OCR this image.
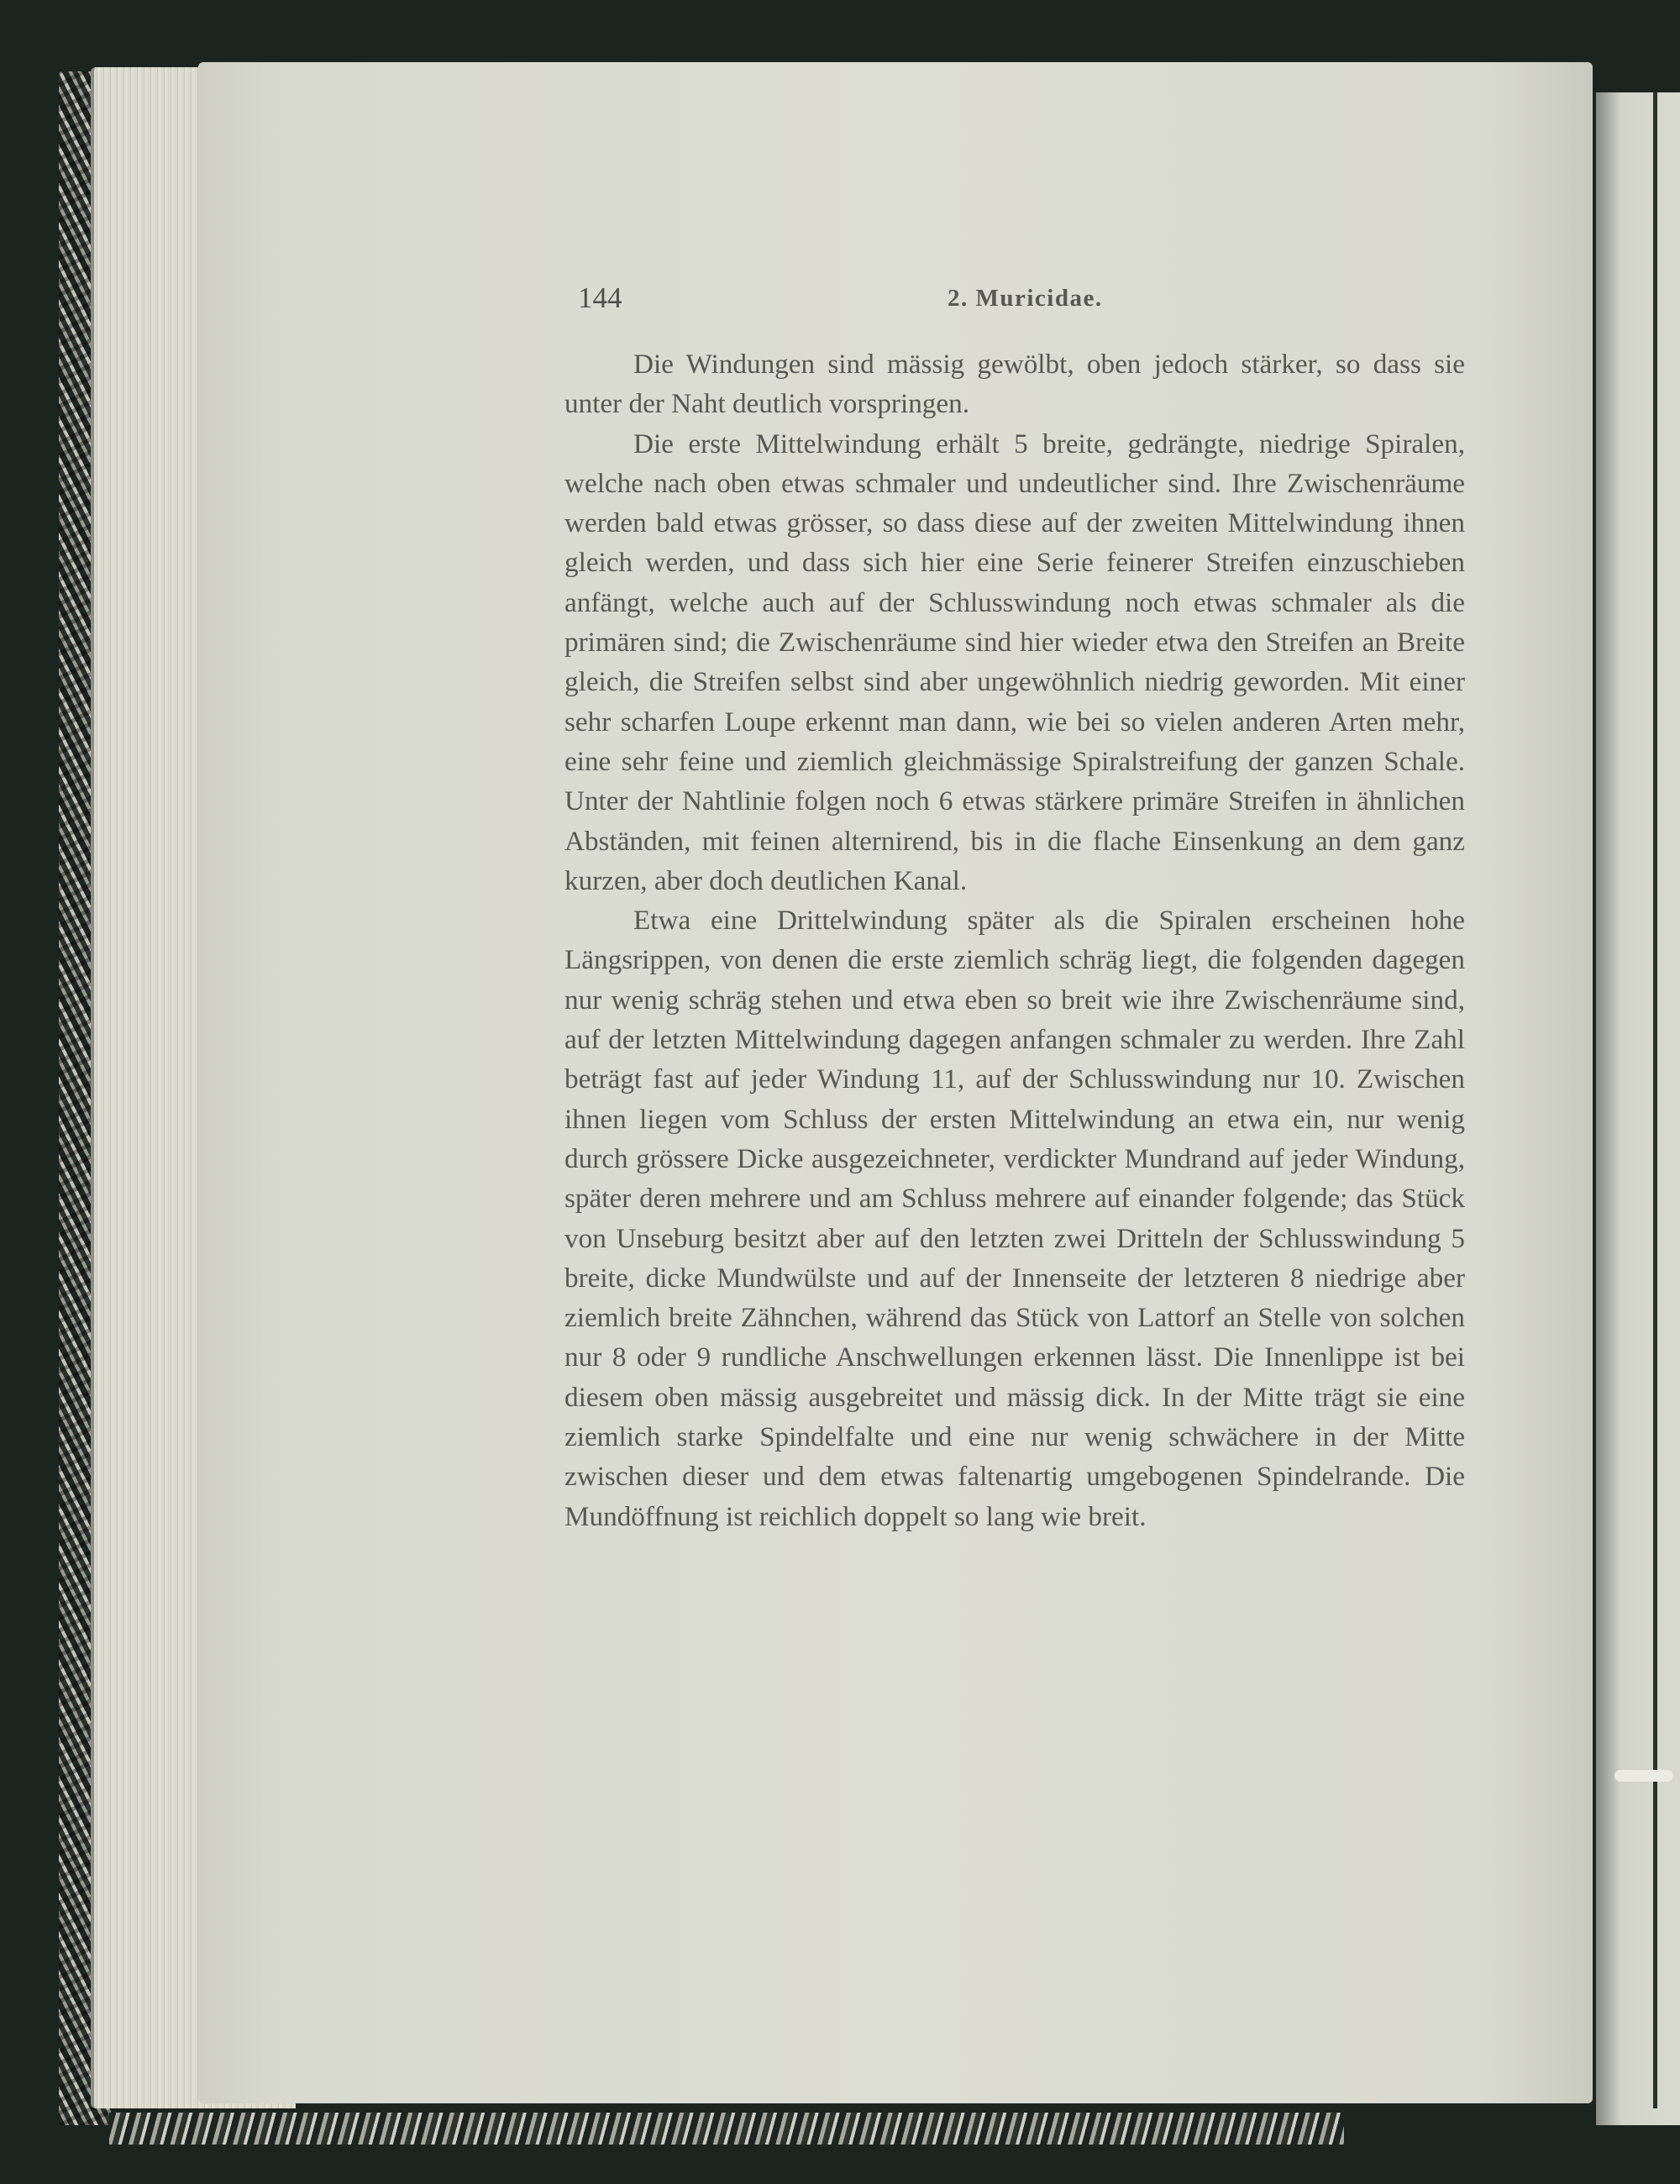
144	2. Muricidae.

Die Windungen sind mässig gewölbt, oben jedoch stärker, so dass sie unter der Naht deutlich vorspringen.

Die erste Mittelwindung erhält 5 breite, gedrängte, niedrige Spiralen, welche nach oben etwas schmaler und undeutlicher sind. Ihre Zwischenräume werden bald etwas grösser, so dass diese auf der zweiten Mittelwindung ihnen gleich werden, und dass sich hier eine Serie feinerer Streifen einzuschieben anfängt, welche auch auf der Schlusswindung noch etwas schmaler als die primären sind; die Zwischenräume sind hier wieder etwa den Streifen an Breite gleich, die Streifen selbst sind aber ungewöhnlich niedrig geworden. Mit einer sehr scharfen Loupe erkennt man dann, wie bei so vielen anderen Arten mehr, eine sehr feine und ziemlich gleichmässige Spiralstreifung der ganzen Schale. Unter der Nahtlinie folgen noch 6 etwas stärkere primäre Streifen in ähnlichen Abständen, mit feinen alternirend, bis in die flache Einsenkung an dem ganz kurzen, aber doch deutlichen Kanal.

Etwa eine Drittelwindung später als die Spiralen erscheinen hohe Längsrippen, von denen die erste ziemlich schräg liegt, die folgenden dagegen nur wenig schräg stehen und etwa eben so breit wie ihre Zwischenräume sind, auf der letzten Mittelwindung dagegen anfangen schmaler zu werden. Ihre Zahl beträgt fast auf jeder Windung 11, auf der Schlusswindung nur 10. Zwischen ihnen liegen vom Schluss der ersten Mittelwindung an etwa ein, nur wenig durch grössere Dicke ausgezeichneter, verdickter Mundrand auf jeder Windung, später deren mehrere und am Schluss mehrere auf einander folgende; das Stück von Unseburg besitzt aber auf den letzten zwei Dritteln der Schlusswindung 5 breite, dicke Mundwülste und auf der Innenseite der letzteren 8 niedrige aber ziemlich breite Zähnchen, während das Stück von Lattorf an Stelle von solchen nur 8 oder 9 rundliche Anschwellungen erkennen lässt. Die Innenlippe ist bei diesem oben mässig ausgebreitet und mässig dick. In der Mitte trägt sie eine ziemlich starke Spindelfalte und eine nur wenig schwächere in der Mitte zwischen dieser und dem etwas faltenartig umgebogenen Spindelrande. Die Mundöffnung ist reichlich doppelt so lang wie breit.
